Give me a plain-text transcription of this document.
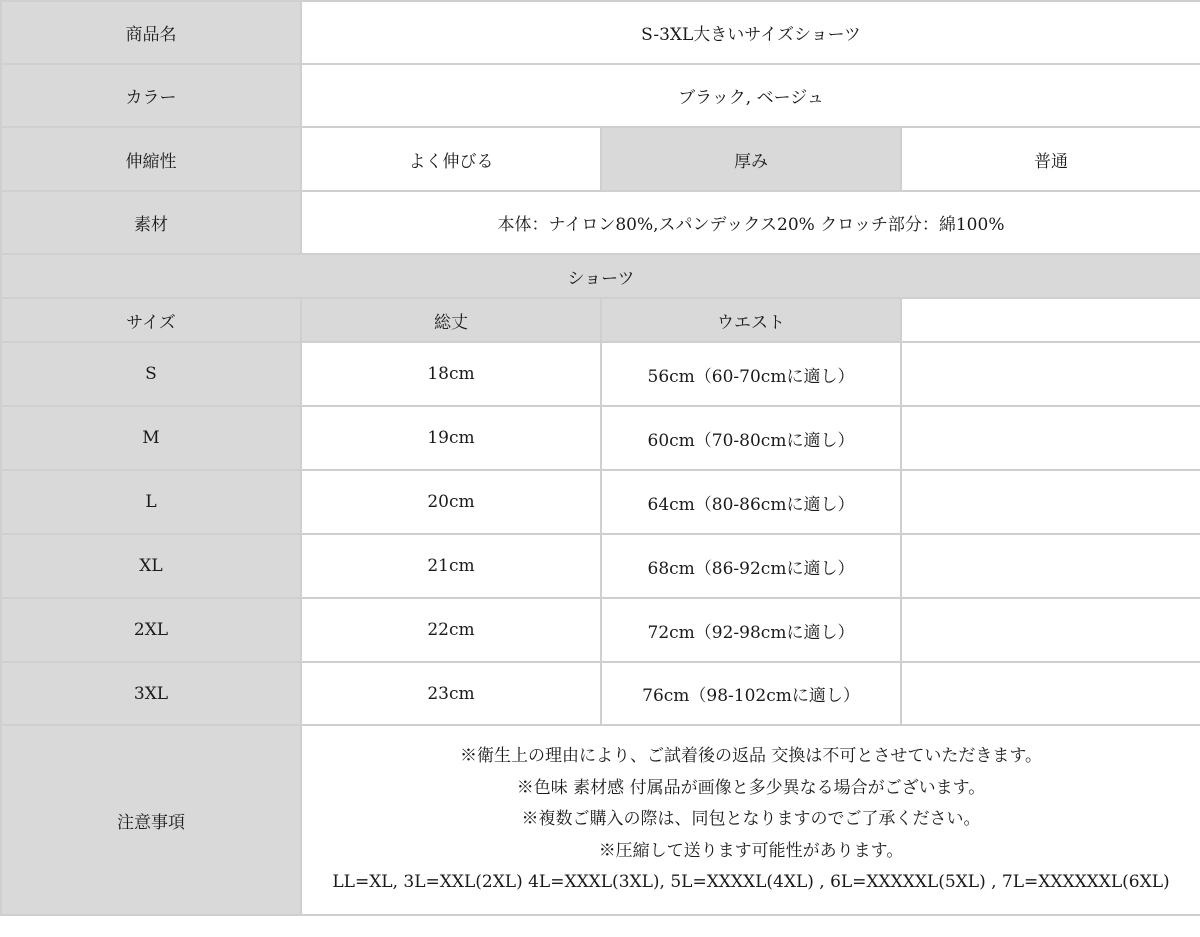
商品名	S-3XL大きいサイズショーツ		
カラー	ブラック, ベージュ		
伸縮性	よく伸びる	厚み	普通
素材	本体：ナイロン80%,スパンデックス20% クロッチ部分：綿100%		
ショーツ			
サイズ	総丈	ウエスト	
S	18cm	56cm（60-70cmに適し）	
M	19cm	60cm（70-80cmに適し）	
L	20cm	64cm（80-86cmに適し）	
XL	21cm	68cm（86-92cmに適し）	
2XL	22cm	72cm（92-98cmに適し）	
3XL	23cm	76cm（98-102cmに適し）	
注意事項	※衛生上の理由により、ご試着後の返品 交換は不可とさせていただきます。
※色味 素材感 付属品が画像と多少異なる場合がございます。
※複数ご購入の際は、同包となりますのでご了承ください。
※圧縮して送ります可能性があります。
LL=XL, 3L=XXL(2XL) 4L=XXXL(3XL), 5L=XXXXL(4XL) , 6L=XXXXXL(5XL) , 7L=XXXXXXL(6XL)		
